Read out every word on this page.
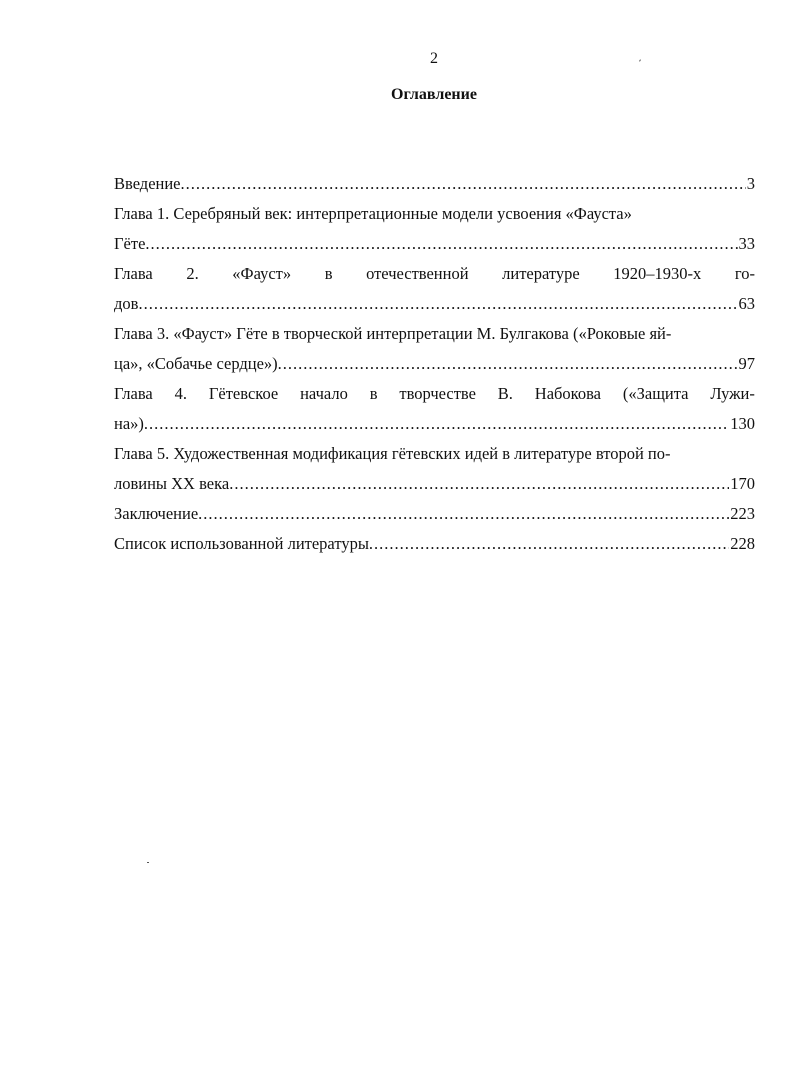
2
Оглавление
Введение .....	3
Глава 1. Серебряный век: интерпретационные модели усвоения «Фауста»
Гёте .....	33
Глава 2. «Фауст» в отечественной литературе 1920–1930-х го-
дов .....	63
Глава 3. «Фауст» Гёте в творческой интерпретации М. Булгакова («Роковые яй-
ца», «Собачье сердце») .....	97
Глава 4. Гётевское начало в творчестве В. Набокова («Защита Лужи-
на») .....	130
Глава 5. Художественная модификация гётевских идей в литературе второй по-
ловины XX века .....	170
Заключение .....	223
Список использованной литературы .....	228
